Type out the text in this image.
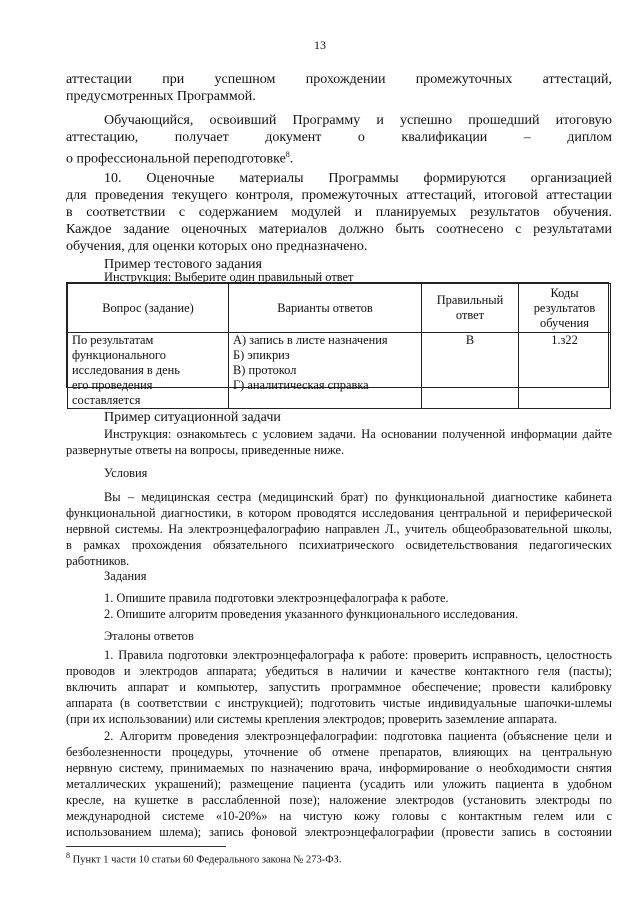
13
аттестации при успешном прохождении промежуточных аттестаций,
предусмотренных Программой.
Обучающийся, освоивший Программу и успешно прошедший итоговую
аттестацию, получает документ о квалификации – диплом
о профессиональной переподготовке$^8$.
10. Оценочные материалы Программы формируются организацией
для проведения текущего контроля, промежуточных аттестаций, итоговой аттестации
в соответствии с содержанием модулей и планируемых результатов обучения.
Каждое задание оценочных материалов должно быть соотнесено с результатами
обучения, для оценки которых оно предназначено.
Пример тестового задания
Инструкция: Выберите один правильный ответ
Вопрос (задание)	Варианты ответов	Правильный ответ	Коды результатов обучения

По результатам
функционального
исследования в день
его проведения
составляется	А) запись в листе назначения
Б) эпикриз
В) протокол
Г) аналитическая справка	В	1.з22
Пример ситуационной задачи
Инструкция: ознакомьтесь с условием задачи. На основании полученной информации дайте
развернутые ответы на вопросы, приведенные ниже.
Условия
Вы – медицинская сестра (медицинский брат) по функциональной диагностике кабинета
функциональной диагностики, в котором проводятся исследования центральной и периферической
нервной системы. На электроэнцефалографию направлен Л., учитель общеобразовательной школы,
в рамках прохождения обязательного психиатрического освидетельствования педагогических
работников.
Задания
1. Опишите правила подготовки электроэнцефалографа к работе.
2. Опишите алгоритм проведения указанного функционального исследования.
Эталоны ответов
1. Правила подготовки электроэнцефалографа к работе: проверить исправность, целостность
проводов и электродов аппарата; убедиться в наличии и качестве контактного геля (пасты);
включить аппарат и компьютер, запустить программное обеспечение; провести калибровку
аппарата (в соответствии с инструкцией); подготовить чистые индивидуальные шапочки-шлемы
(при их использовании) или системы крепления электродов; проверить заземление аппарата.
2. Алгоритм проведения электроэнцефалографии: подготовка пациента (объяснение цели и
безболезненности процедуры, уточнение об отмене препаратов, влияющих на центральную
нервную систему, принимаемых по назначению врача, информирование о необходимости снятия
металлических украшений); размещение пациента (усадить или уложить пациента в удобном
кресле, на кушетке в расслабленной позе); наложение электродов (установить электроды по
международной системе «10-20%» на чистую кожу головы с контактным гелем или с
использованием шлема); запись фоновой электроэнцефалографии (провести запись в состоянии
$^8$ Пункт 1 части 10 статьи 60 Федерального закона № 273-ФЗ.
